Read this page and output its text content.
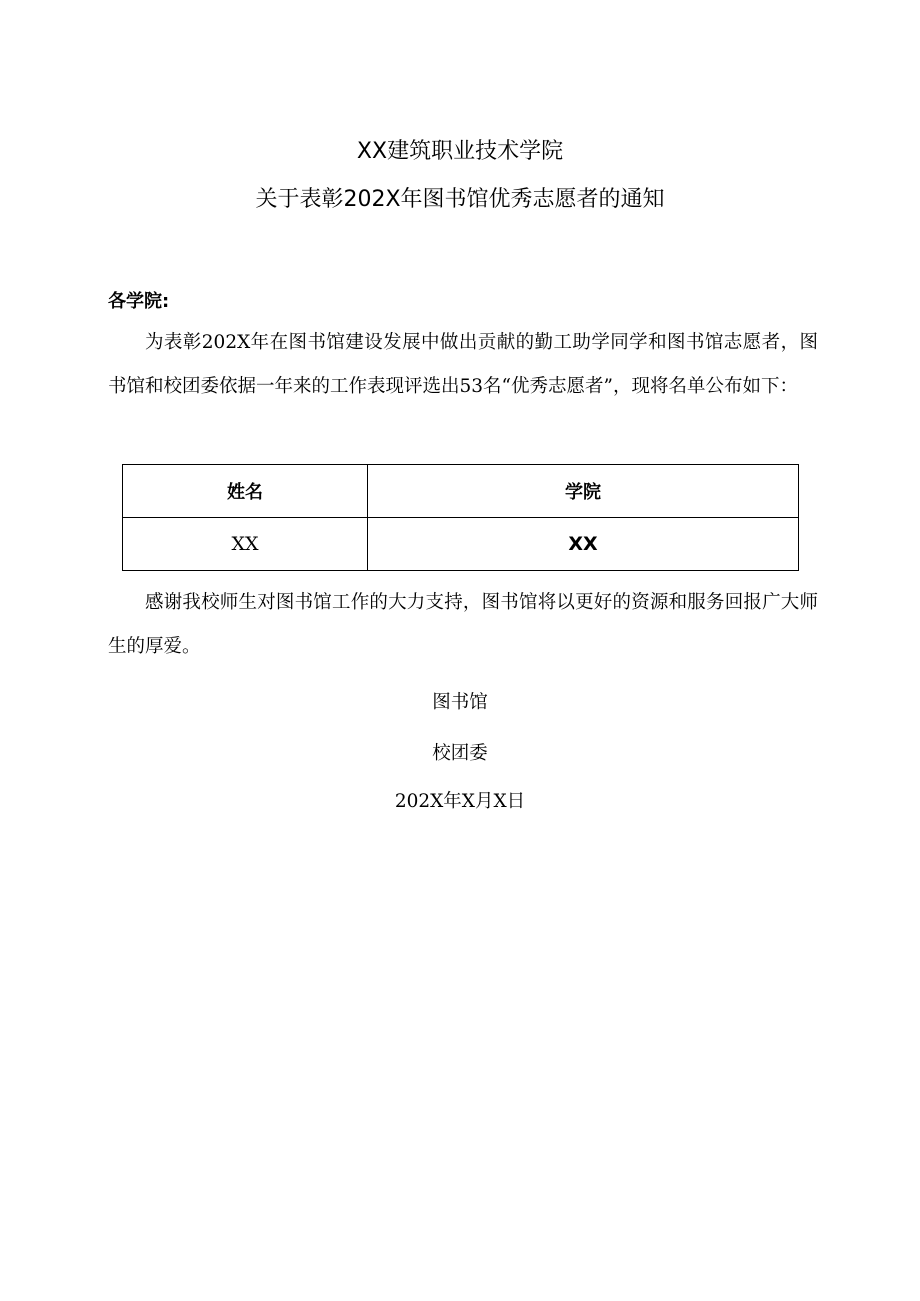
XX建筑职业技术学院
关于表彰202X年图书馆优秀志愿者的通知
各学院:
为表彰202X年在图书馆建设发展中做出贡献的勤工助学同学和图书馆志愿者，图书馆和校团委依据一年来的工作表现评选出53名“优秀志愿者”，现将名单公布如下：
姓名	学院
XX	XX
感谢我校师生对图书馆工作的大力支持，图书馆将以更好的资源和服务回报广大师生的厚爱。
图书馆
校团委
202X年X月X日
